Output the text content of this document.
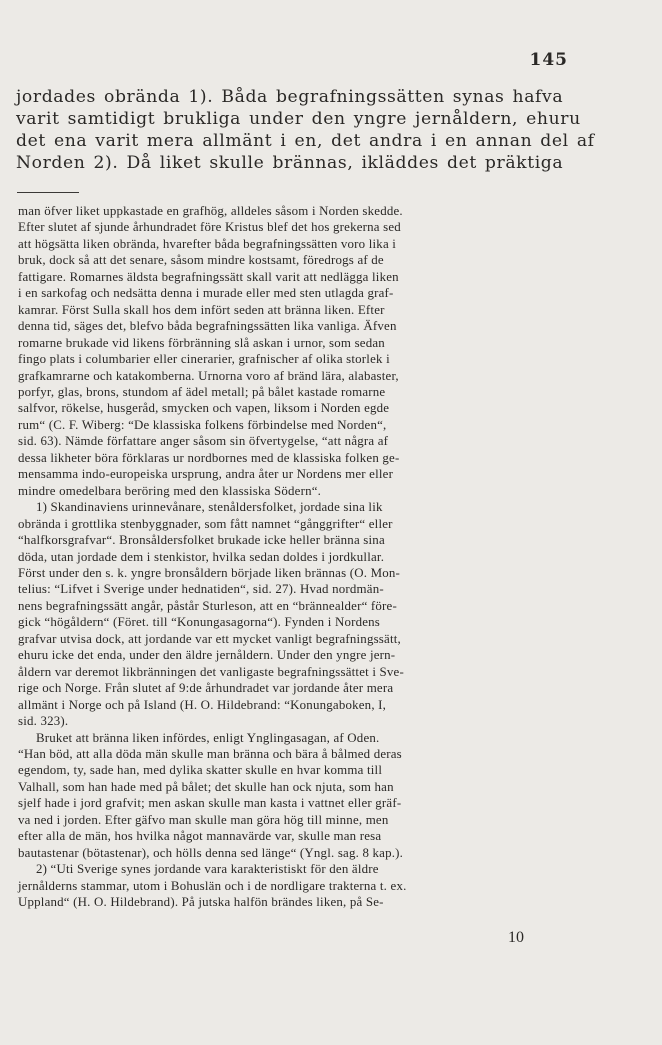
145
jordades obrända 1). Båda begrafningssätten synas hafva
varit samtidigt brukliga under den yngre jernåldern, ehuru
det ena varit mera allmänt i en, det andra i en annan del af
Norden 2). Då liket skulle brännas, ikläddes det präktiga
man öfver liket uppkastade en grafhög, alldeles såsom i Norden skedde.
Efter slutet af sjunde århundradet före Kristus blef det hos grekerna sed
att högsätta liken obrända, hvarefter båda begrafningssätten voro lika i
bruk, dock så att det senare, såsom mindre kostsamt, föredrogs af de
fattigare. Romarnes äldsta begrafningssätt skall varit att nedlägga liken
i en sarkofag och nedsätta denna i murade eller med sten utlagda graf-
kamrar. Först Sulla skall hos dem infört seden att bränna liken. Efter
denna tid, säges det, blefvo båda begrafningssätten lika vanliga. Äfven
romarne brukade vid likens förbränning slå askan i urnor, som sedan
fingo plats i columbarier eller cinerarier, grafnischer af olika storlek i
grafkamrarne och katakomberna. Urnorna voro af bränd lära, alabaster,
porfyr, glas, brons, stundom af ädel metall; på bålet kastade romarne
salfvor, rökelse, husgeråd, smycken och vapen, liksom i Norden egde
rum“ (C. F. Wiberg: “De klassiska folkens förbindelse med Norden“,
sid. 63). Nämde författare anger såsom sin öfvertygelse, “att några af
dessa likheter böra förklaras ur nordbornes med de klassiska folken ge-
mensamma indo-europeiska ursprung, andra åter ur Nordens mer eller
mindre omedelbara beröring med den klassiska Södern“.
1) Skandinaviens urinnevånare, stenåldersfolket, jordade sina lik
obrända i grottlika stenbyggnader, som fått namnet “gånggrifter“ eller
“halfkorsgrafvar“. Bronsåldersfolket brukade icke heller bränna sina
döda, utan jordade dem i stenkistor, hvilka sedan doldes i jordkullar.
Först under den s. k. yngre bronsåldern började liken brännas (O. Mon-
telius: “Lifvet i Sverige under hednatiden“, sid. 27). Hvad nordmän-
nens begrafningssätt angår, påstår Sturleson, att en “brännealder“ före-
gick “högåldern“ (Föret. till “Konungasagorna“). Fynden i Nordens
grafvar utvisa dock, att jordande var ett mycket vanligt begrafningssätt,
ehuru icke det enda, under den äldre jernåldern. Under den yngre jern-
åldern var deremot likbränningen det vanligaste begrafningssättet i Sve-
rige och Norge. Från slutet af 9:de århundradet var jordande åter mera
allmänt i Norge och på Island (H. O. Hildebrand: “Konungaboken, I,
sid. 323).
Bruket att bränna liken infördes, enligt Ynglingasagan, af Oden.
“Han böd, att alla döda män skulle man bränna och bära å bålmed deras
egendom, ty, sade han, med dylika skatter skulle en hvar komma till
Valhall, som han hade med på bålet; det skulle han ock njuta, som han
sjelf hade i jord grafvit; men askan skulle man kasta i vattnet eller gräf-
va ned i jorden. Efter gäfvo man skulle man göra hög till minne, men
efter alla de män, hos hvilka något mannavärde var, skulle man resa
bautastenar (bötastenar), och hölls denna sed länge“ (Yngl. sag. 8 kap.).
2) “Uti Sverige synes jordande vara karakteristiskt för den äldre
jernålderns stammar, utom i Bohuslän och i de nordligare trakterna t. ex.
Uppland“ (H. O. Hildebrand). På jutska halfön brändes liken, på Se-
10
